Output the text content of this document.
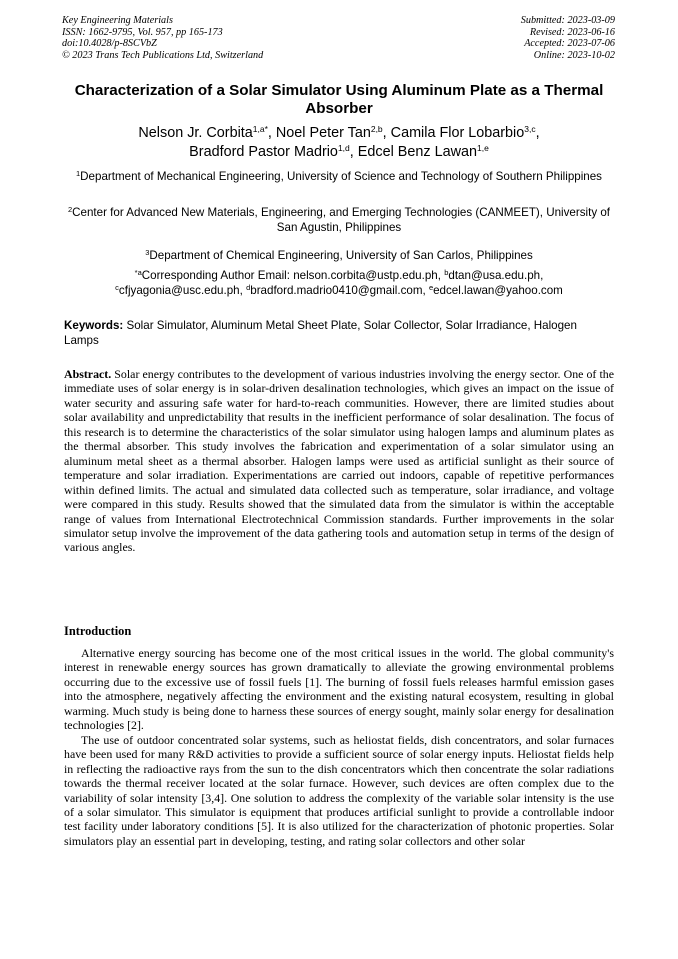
Key Engineering Materials
ISSN: 1662-9795, Vol. 957, pp 165-173
doi:10.4028/p-8SCVbZ
© 2023 Trans Tech Publications Ltd, Switzerland
Submitted: 2023-03-09
Revised: 2023-06-16
Accepted: 2023-07-06
Online: 2023-10-02
Characterization of a Solar Simulator Using Aluminum Plate as a Thermal Absorber
Nelson Jr. Corbita$^{1,a*}$, Noel Peter Tan$^{2,b}$, Camila Flor Lobarbio$^{3,c}$,
Bradford Pastor Madrio$^{1,d}$, Edcel Benz Lawan$^{1,e}$
$^1$Department of Mechanical Engineering, University of Science and Technology of Southern Philippines
$^2$Center for Advanced New Materials, Engineering, and Emerging Technologies (CANMEET), University of San Agustin, Philippines
$^3$Department of Chemical Engineering, University of San Carlos, Philippines
$^{*a}$Corresponding Author Email: nelson.corbita@ustp.edu.ph, $^b$dtan@usa.edu.ph,
$^c$cfjyagonia@usc.edu.ph, $^d$bradford.madrio0410@gmail.com, $^e$edcel.lawan@yahoo.com
Keywords: Solar Simulator, Aluminum Metal Sheet Plate, Solar Collector, Solar Irradiance, Halogen Lamps
Abstract. Solar energy contributes to the development of various industries involving the energy sector. One of the immediate uses of solar energy is in solar-driven desalination technologies, which gives an impact on the issue of water security and assuring safe water for hard-to-reach communities. However, there are limited studies about solar availability and unpredictability that results in the inefficient performance of solar desalination. The focus of this research is to determine the characteristics of the solar simulator using halogen lamps and aluminum plates as the thermal absorber. This study involves the fabrication and experimentation of a solar simulator using an aluminum metal sheet as a thermal absorber. Halogen lamps were used as artificial sunlight as their source of temperature and solar irradiation. Experimentations are carried out indoors, capable of repetitive performances within defined limits. The actual and simulated data collected such as temperature, solar irradiance, and voltage were compared in this study. Results showed that the simulated data from the simulator is within the acceptable range of values from International Electrotechnical Commission standards. Further improvements in the solar simulator setup involve the improvement of the data gathering tools and automation setup in terms of the design of various angles.
Introduction

Alternative energy sourcing has become one of the most critical issues in the world. The global community's interest in renewable energy sources has grown dramatically to alleviate the growing environmental problems occurring due to the excessive use of fossil fuels [1]. The burning of fossil fuels releases harmful emission gases into the atmosphere, negatively affecting the environment and the existing natural ecosystem, resulting in global warming. Much study is being done to harness these sources of energy sought, mainly solar energy for desalination technologies [2].

The use of outdoor concentrated solar systems, such as heliostat fields, dish concentrators, and solar furnaces have been used for many R&D activities to provide a sufficient source of solar energy inputs. Heliostat fields help in reflecting the radioactive rays from the sun to the dish concentrators which then concentrate the solar radiations towards the thermal receiver located at the solar furnace. However, such devices are often complex due to the variability of solar intensity [3,4]. One solution to address the complexity of the variable solar intensity is the use of a solar simulator. This simulator is equipment that produces artificial sunlight to provide a controllable indoor test facility under laboratory conditions [5]. It is also utilized for the characterization of photonic properties. Solar simulators play an essential part in developing, testing, and rating solar collectors and other solar
